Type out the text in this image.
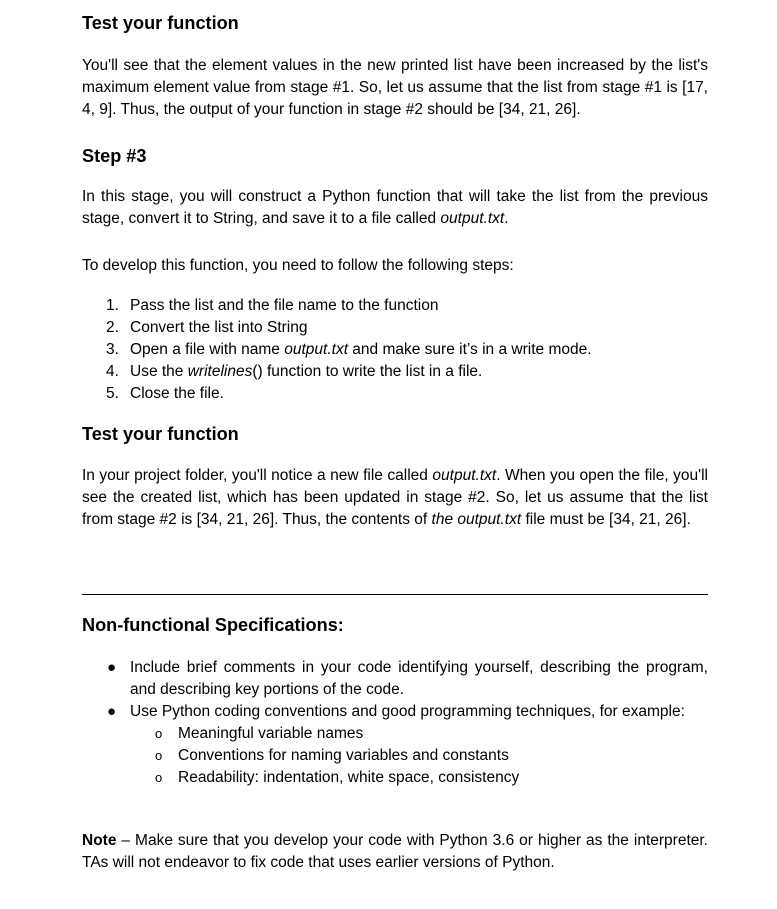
Test your function

You'll see that the element values in the new printed list have been increased by the list's maximum element value from stage #1. So, let us assume that the list from stage #1 is [17, 4, 9]. Thus, the output of your function in stage #2 should be [34, 21, 26].

Step #3

In this stage, you will construct a Python function that will take the list from the previous stage, convert it to String, and save it to a file called output.txt.

To develop this function, you need to follow the following steps:

1. Pass the list and the file name to the function
2. Convert the list into String
3. Open a file with name output.txt and make sure it’s in a write mode.
4. Use the writelines() function to write the list in a file.
5. Close the file.
Test your function

In your project folder, you'll notice a new file called output.txt. When you open the file, you'll see the created list, which has been updated in stage #2. So, let us assume that the list from stage #2 is [34, 21, 26]. Thus, the contents of the output.txt file must be [34, 21, 26].

Non-functional Specifications:
● Include brief comments in your code identifying yourself, describing the program, and describing key portions of the code.
● Use Python coding conventions and good programming techniques, for example:
o Meaningful variable names
o Conventions for naming variables and constants
o Readability: indentation, white space, consistency

Note – Make sure that you develop your code with Python 3.6 or higher as the interpreter. TAs will not endeavor to fix code that uses earlier versions of Python.
